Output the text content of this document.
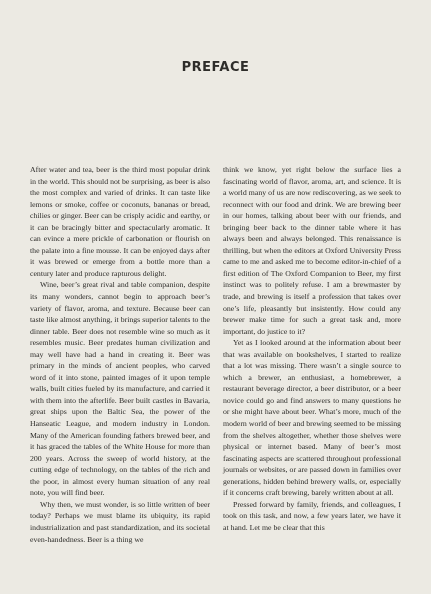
PREFACE

After water and tea, beer is the third most popular drink in the world. This should not be surprising, as beer is also the most complex and varied of drinks. It can taste like lemons or smoke, coffee or coconuts, bananas or bread, chilies or ginger. Beer can be crisply acidic and earthy, or it can be bracingly bitter and spectacularly aromatic. It can evince a mere prickle of carbonation or flourish on the palate into a fine mousse. It can be enjoyed days after it was brewed or emerge from a bottle more than a century later and produce rapturous delight.

Wine, beer’s great rival and table companion, despite its many wonders, cannot begin to approach beer’s variety of flavor, aroma, and texture. Because beer can taste like almost anything, it brings superior talents to the dinner table. Beer does not resemble wine so much as it resembles music. Beer predates human civilization and may well have had a hand in creating it. Beer was primary in the minds of ancient peoples, who carved word of it into stone, painted images of it upon temple walls, built cities fueled by its manufacture, and carried it with them into the afterlife. Beer built castles in Bavaria, great ships upon the Baltic Sea, the power of the Hanseatic League, and modern industry in London. Many of the American founding fathers brewed beer, and it has graced the tables of the White House for more than 200 years. Across the sweep of world history, at the cutting edge of technology, on the tables of the rich and the poor, in almost every human situation of any real note, you will find beer.

Why then, we must wonder, is so little written of beer today? Perhaps we must blame its ubiquity, its rapid industrialization and past standardization, and its societal even-handedness. Beer is a thing we

think we know, yet right below the surface lies a fascinating world of flavor, aroma, art, and science. It is a world many of us are now rediscovering, as we seek to reconnect with our food and drink. We are brewing beer in our homes, talking about beer with our friends, and bringing beer back to the dinner table where it has always been and always belonged. This renaissance is thrilling, but when the editors at Oxford University Press came to me and asked me to become editor-in-chief of a first edition of The Oxford Companion to Beer, my first instinct was to politely refuse. I am a brewmaster by trade, and brewing is itself a profession that takes over one’s life, pleasantly but insistently. How could any brewer make time for such a great task and, more important, do justice to it?

Yet as I looked around at the information about beer that was available on bookshelves, I started to realize that a lot was missing. There wasn’t a single source to which a brewer, an enthusiast, a homebrewer, a restaurant beverage director, a beer distributor, or a beer novice could go and find answers to many questions he or she might have about beer. What’s more, much of the modern world of beer and brewing seemed to be missing from the shelves altogether, whether those shelves were physical or internet based. Many of beer’s most fascinating aspects are scattered throughout professional journals or websites, or are passed down in families over generations, hidden behind brewery walls, or, especially if it concerns craft brewing, barely written about at all.

Pressed forward by family, friends, and colleagues, I took on this task, and now, a few years later, we have it at hand. Let me be clear that this
